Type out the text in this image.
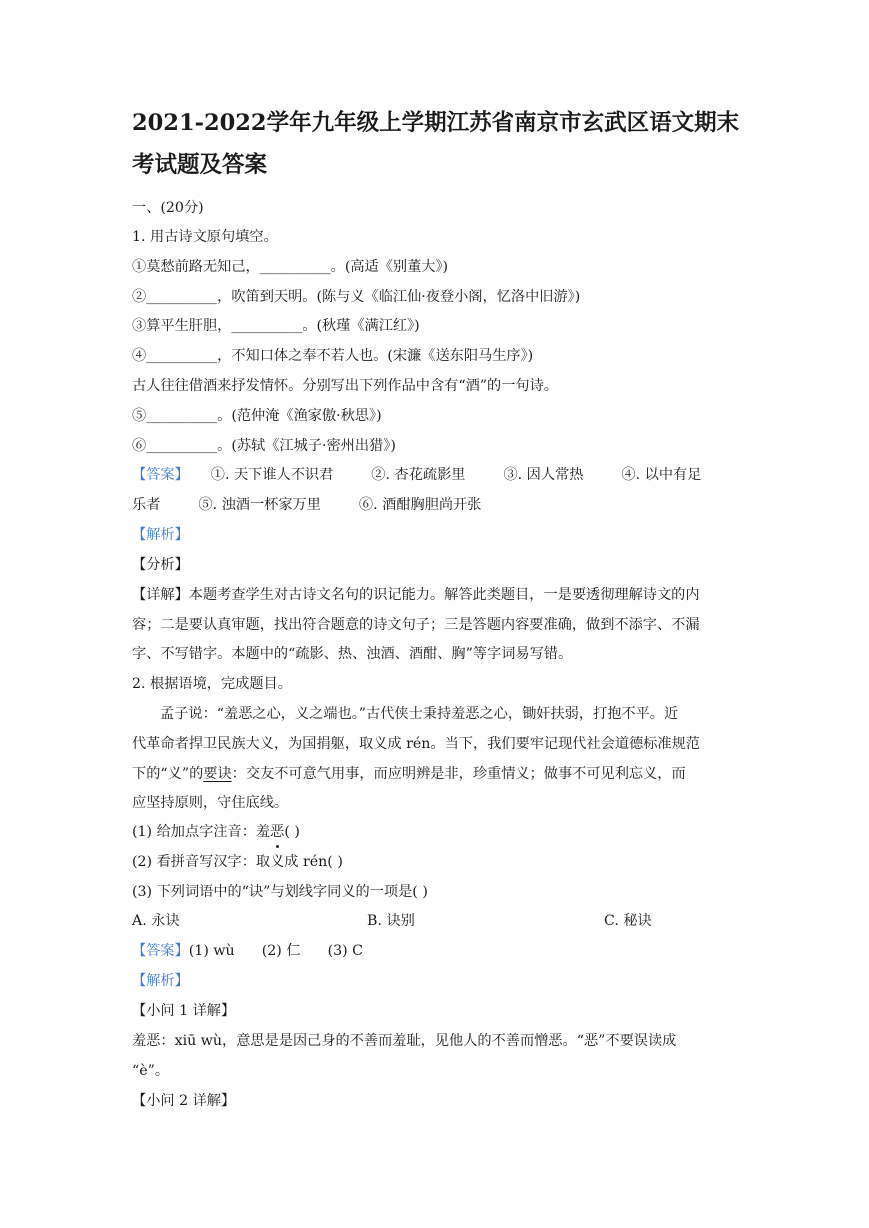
2021-2022学年九年级上学期江苏省南京市玄武区语文期末
考试题及答案
一、(20分)
1. 用古诗文原句填空。
①莫愁前路无知己，__________。(高适《别董大》)
②__________，吹笛到天明。(陈与义《临江仙·夜登小阁，忆洛中旧游》)
③算平生肝胆，__________。(秋瑾《满江红》)
④__________，不知口体之奉不若人也。(宋濂《送东阳马生序》)
古人往往借酒来抒发情怀。分别写出下列作品中含有“酒”的一句诗。
⑤__________。(范仲淹《渔家傲·秋思》)
⑥__________。(苏轼《江城子·密州出猎》)
【答案】 ①. 天下谁人不识君	②. 杏花疏影里	③. 因人常热	④. 以中有足
乐者	⑤. 浊酒一杯家万里	⑥. 酒酣胸胆尚开张
【解析】
【分析】
【详解】本题考查学生对古诗文名句的识记能力。解答此类题目，一是要透彻理解诗文的内
容；二是要认真审题，找出符合题意的诗文句子；三是答题内容要准确，做到不添字、不漏
字、不写错字。本题中的“疏影、热、浊酒、酒酣、胸”等字词易写错。
2. 根据语境，完成题目。
孟子说：“羞恶之心，义之端也。”古代侠士秉持羞恶之心，锄奸扶弱，打抱不平。近
代革命者捍卫民族大义，为国捐躯，取义成 rén。当下，我们要牢记现代社会道德标准规范
下的“义”的要诀：交友不可意气用事，而应明辨是非，珍重情义；做事不可见利忘义，而
应坚持原则，守住底线。
(1) 给加点字注音：羞恶( )
(2) 看拼音写汉字：取义成 rén( )
(3) 下列词语中的“诀”与划线字同义的一项是( )
A. 永诀	B. 诀别	C. 秘诀
【答案】(1) wù      (2) 仁      (3) C
【解析】
【小问 1 详解】
羞恶：xiū wù，意思是是因己身的不善而羞耻，见他人的不善而憎恶。“恶”不要误读成
“è”。
【小问 2 详解】
